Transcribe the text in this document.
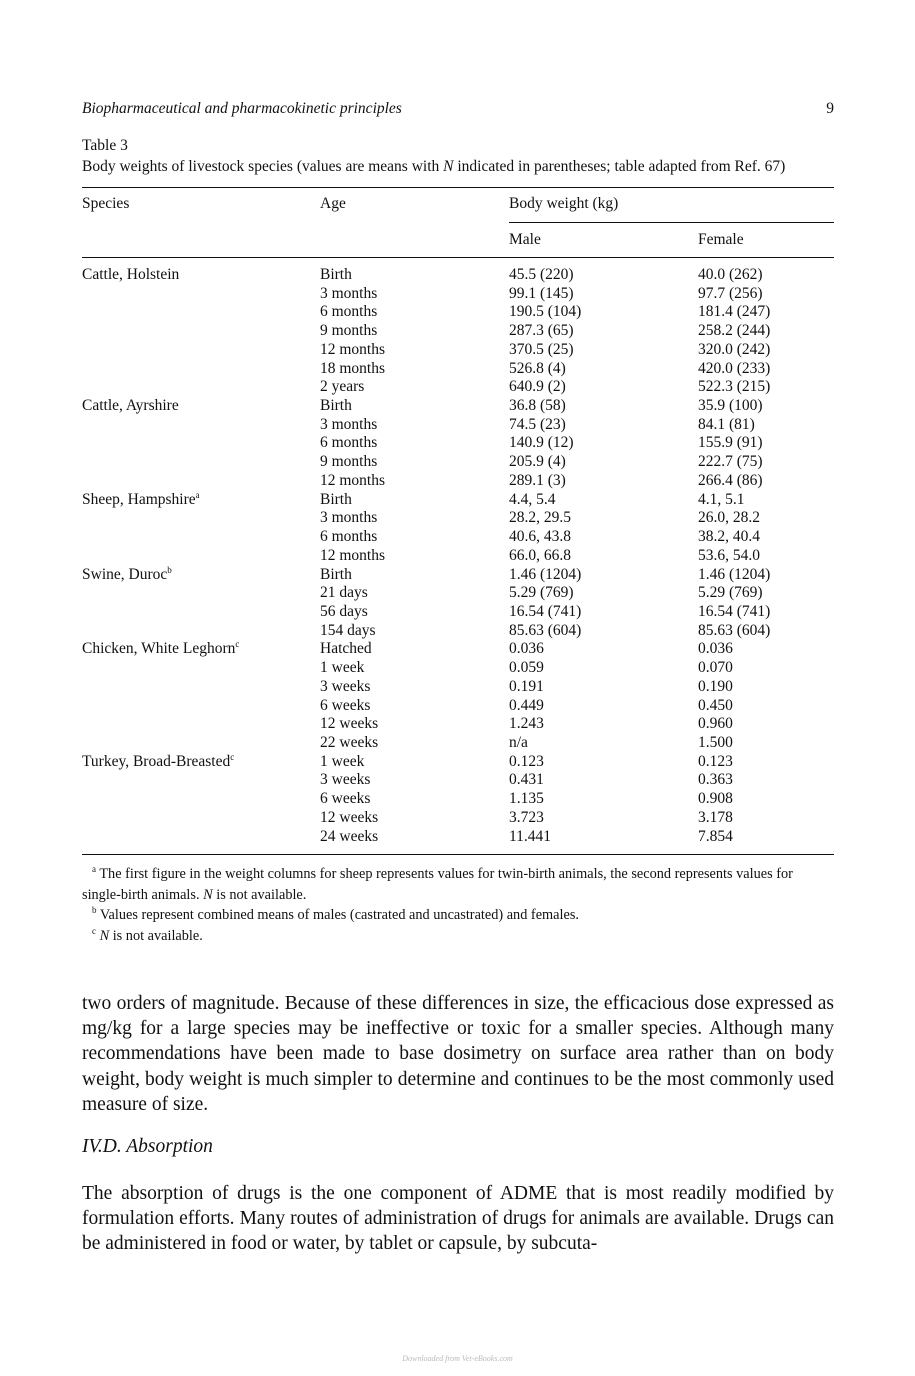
Biopharmaceutical and pharmacokinetic principles	9
Table 3
Body weights of livestock species (values are means with N indicated in parentheses; table adapted from Ref. 67)
Species	Age	Body weight (kg)
Male	Female
Cattle, Holstein	Birth	45.5 (220)	40.0 (262)
3 months	99.1 (145)	97.7 (256)
6 months	190.5 (104)	181.4 (247)
9 months	287.3 (65)	258.2 (244)
12 months	370.5 (25)	320.0 (242)
18 months	526.8 (4)	420.0 (233)
2 years	640.9 (2)	522.3 (215)
Cattle, Ayrshire	Birth	36.8 (58)	35.9 (100)
3 months	74.5 (23)	84.1 (81)
6 months	140.9 (12)	155.9 (91)
9 months	205.9 (4)	222.7 (75)
12 months	289.1 (3)	266.4 (86)
Sheep, Hampshire$^a$	Birth	4.4, 5.4	4.1, 5.1
3 months	28.2, 29.5	26.0, 28.2
6 months	40.6, 43.8	38.2, 40.4
12 months	66.0, 66.8	53.6, 54.0
Swine, Duroc$^b$	Birth	1.46 (1204)	1.46 (1204)
21 days	5.29 (769)	5.29 (769)
56 days	16.54 (741)	16.54 (741)
154 days	85.63 (604)	85.63 (604)
Chicken, White Leghorn$^c$	Hatched	0.036	0.036
1 week	0.059	0.070
3 weeks	0.191	0.190
6 weeks	0.449	0.450
12 weeks	1.243	0.960
22 weeks	n/a	1.500
Turkey, Broad-Breasted$^c$	1 week	0.123	0.123
3 weeks	0.431	0.363
6 weeks	1.135	0.908
12 weeks	3.723	3.178
24 weeks	11.441	7.854

$^a$ The first figure in the weight columns for sheep represents values for twin-birth animals, the second represents values for single-birth animals. N is not available.

$^b$ Values represent combined means of males (castrated and uncastrated) and females.

$^c$ N is not available.

two orders of magnitude. Because of these differences in size, the efficacious dose expressed as mg/kg for a large species may be ineffective or toxic for a smaller species. Although many recommendations have been made to base dosimetry on surface area rather than on body weight, body weight is much simpler to determine and continues to be the most commonly used measure of size.

IV.D. Absorption

The absorption of drugs is the one component of ADME that is most readily modified by formulation efforts. Many routes of administration of drugs for animals are available. Drugs can be administered in food or water, by tablet or capsule, by subcuta-

Downloaded from Vet-eBooks.com
